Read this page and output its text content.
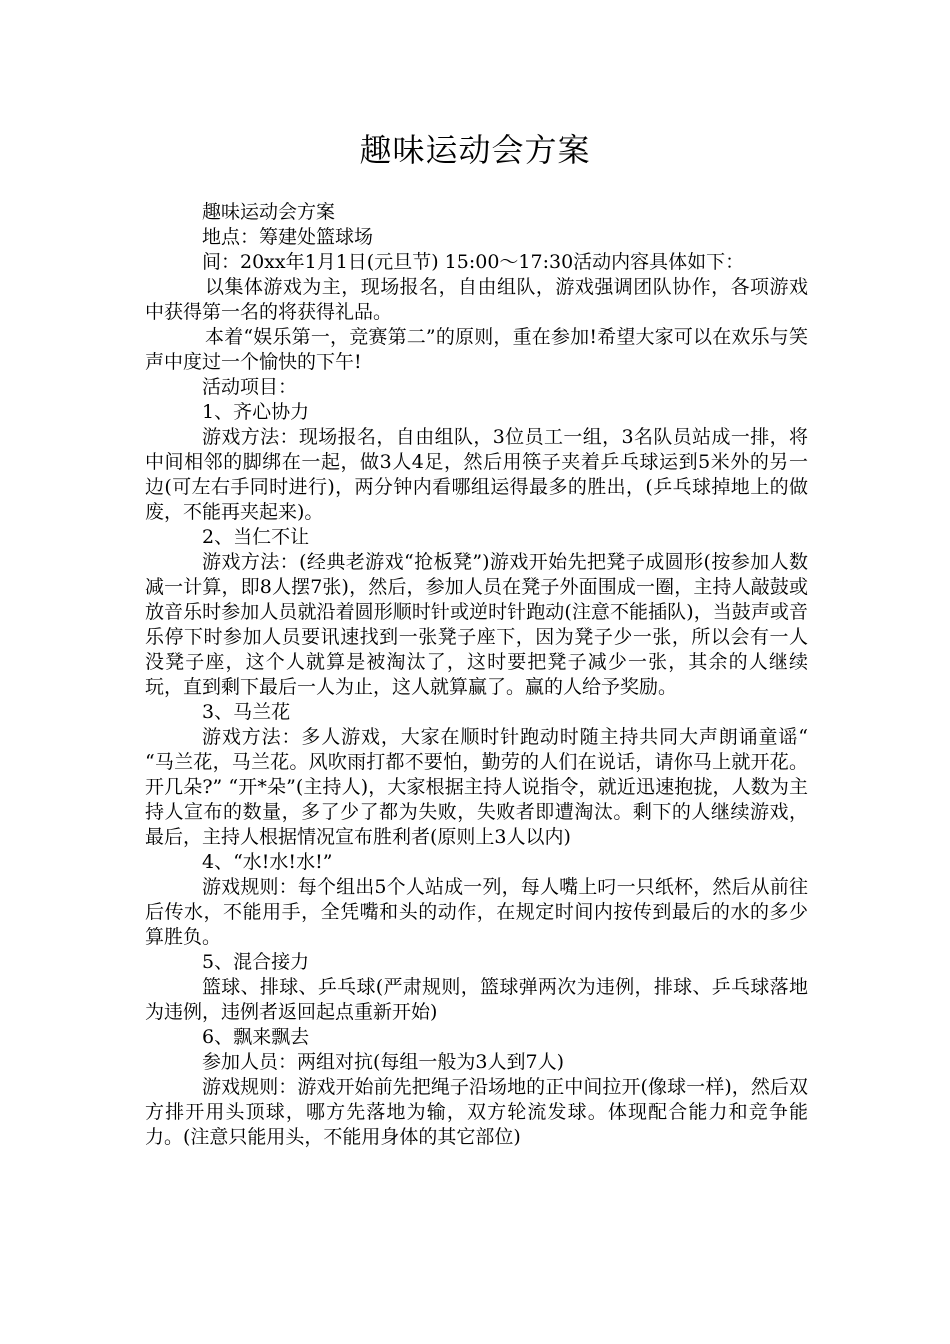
趣味运动会方案

趣味运动会方案

地点：筹建处篮球场

间：20xx年1月1日(元旦节) 15:00～17:30活动内容具体如下：

以集体游戏为主，现场报名，自由组队，游戏强调团队协作，各项游戏中获得第一名的将获得礼品。

本着“娱乐第一，竞赛第二”的原则，重在参加!希望大家可以在欢乐与笑声中度过一个愉快的下午!

活动项目：

1、齐心协力

游戏方法：现场报名，自由组队，3位员工一组，3名队员站成一排，将中间相邻的脚绑在一起，做3人4足，然后用筷子夹着乒乓球运到5米外的另一边(可左右手同时进行)，两分钟内看哪组运得最多的胜出，(乒乓球掉地上的做废，不能再夹起来)。

2、当仁不让

游戏方法：(经典老游戏“抢板凳”)游戏开始先把凳子成圆形(按参加人数减一计算，即8人摆7张)，然后，参加人员在凳子外面围成一圈，主持人敲鼓或放音乐时参加人员就沿着圆形顺时针或逆时针跑动(注意不能插队)，当鼓声或音乐停下时参加人员要讯速找到一张凳子座下，因为凳子少一张，所以会有一人没凳子座，这个人就算是被淘汰了，这时要把凳子减少一张，其余的人继续玩，直到剩下最后一人为止，这人就算赢了。赢的人给予奖励。

3、马兰花

游戏方法：多人游戏，大家在顺时针跑动时随主持共同大声朗诵童谣“ “马兰花，马兰花。风吹雨打都不要怕，勤劳的人们在说话，请你马上就开花。开几朵?” “开*朵”(主持人)，大家根据主持人说指令，就近迅速抱拢，人数为主持人宣布的数量，多了少了都为失败，失败者即遭淘汰。剩下的人继续游戏，最后，主持人根据情况宣布胜利者(原则上3人以内)

4、“水!水!水!”

游戏规则：每个组出5个人站成一列，每人嘴上叼一只纸杯，然后从前往后传水，不能用手，全凭嘴和头的动作，在规定时间内按传到最后的水的多少算胜负。

5、混合接力

篮球、排球、乒乓球(严肃规则，篮球弹两次为违例，排球、乒乓球落地为违例，违例者返回起点重新开始)

6、飘来飘去

参加人员：两组对抗(每组一般为3人到7人)

游戏规则：游戏开始前先把绳子沿场地的正中间拉开(像球一样)，然后双方排开用头顶球，哪方先落地为输，双方轮流发球。体现配合能力和竞争能力。(注意只能用头，不能用身体的其它部位)
